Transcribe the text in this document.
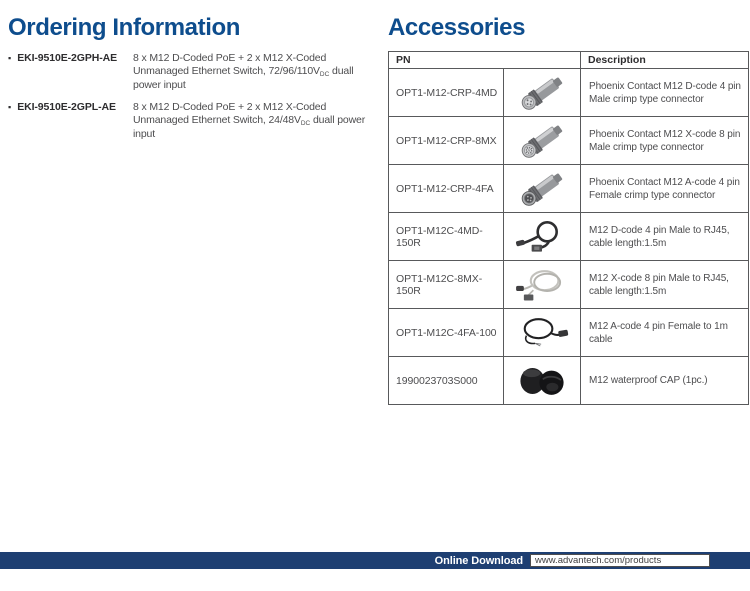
Ordering Information
▪ EKI-9510E-2GPH-AE 8 x M12 D-Coded PoE + 2 x M12 X-Coded Unmanaged Ethernet Switch, 72/96/110VDC duall power input
▪ EKI-9510E-2GPL-AE 8 x M12 D-Coded PoE + 2 x M12 X-Coded Unmanaged Ethernet Switch, 24/48VDC duall power input
Accessories
PN		Description
OPT1-M12-CRP-4MD		Phoenix Contact M12 D-code 4 pin Male crimp type connector
OPT1-M12-CRP-8MX		Phoenix Contact M12 X-code 8 pin Male crimp type connector
OPT1-M12-CRP-4FA		Phoenix Contact M12 A-code 4 pin Female crimp type connector
OPT1-M12C-4MD-150R		M12 D-code 4 pin Male to RJ45, cable length:1.5m
OPT1-M12C-8MX-150R		M12 X-code 8 pin Male to RJ45, cable length:1.5m
OPT1-M12C-4FA-100		M12 A-code 4 pin Female to 1m cable
1990023703S000		M12 waterproof CAP (1pc.)
Online Download	www.advantech.com/products
